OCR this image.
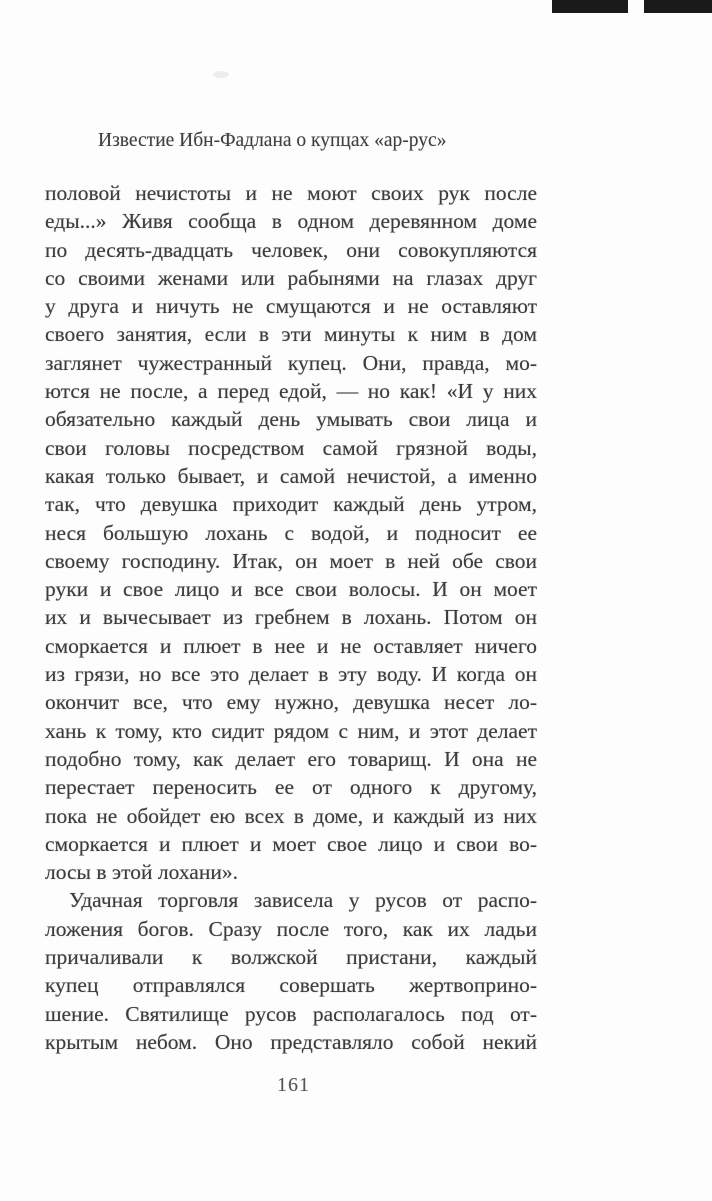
Известие Ибн-Фадлана о купцах «ар-рус»
половой нечистоты и не моют своих рук после
еды...» Живя сообща в одном деревянном доме
по десять-двадцать человек, они совокупляются
со своими женами или рабынями на глазах друг
у друга и ничуть не смущаются и не оставляют
своего занятия, если в эти минуты к ним в дом
заглянет чужестранный купец. Они, правда, мо-
ются не после, а перед едой, — но как! «И у них
обязательно каждый день умывать свои лица и
свои головы посредством самой грязной воды,
какая только бывает, и самой нечистой, а именно
так, что девушка приходит каждый день утром,
неся большую лохань с водой, и подносит ее
своему господину. Итак, он моет в ней обе свои
руки и свое лицо и все свои волосы. И он моет
их и вычесывает из гребнем в лохань. Потом он
сморкается и плюет в нее и не оставляет ничего
из грязи, но все это делает в эту воду. И когда он
окончит все, что ему нужно, девушка несет ло-
хань к тому, кто сидит рядом с ним, и этот делает
подобно тому, как делает его товарищ. И она не
перестает переносить ее от одного к другому,
пока не обойдет ею всех в доме, и каждый из них
сморкается и плюет и моет свое лицо и свои во-
лосы в этой лохани».
Удачная торговля зависела у русов от распо-
ложения богов. Сразу после того, как их ладьи
причаливали к волжской пристани, каждый
купец отправлялся совершать жертвоприно-
шение. Святилище русов располагалось под от-
крытым небом. Оно представляло собой некий
161
